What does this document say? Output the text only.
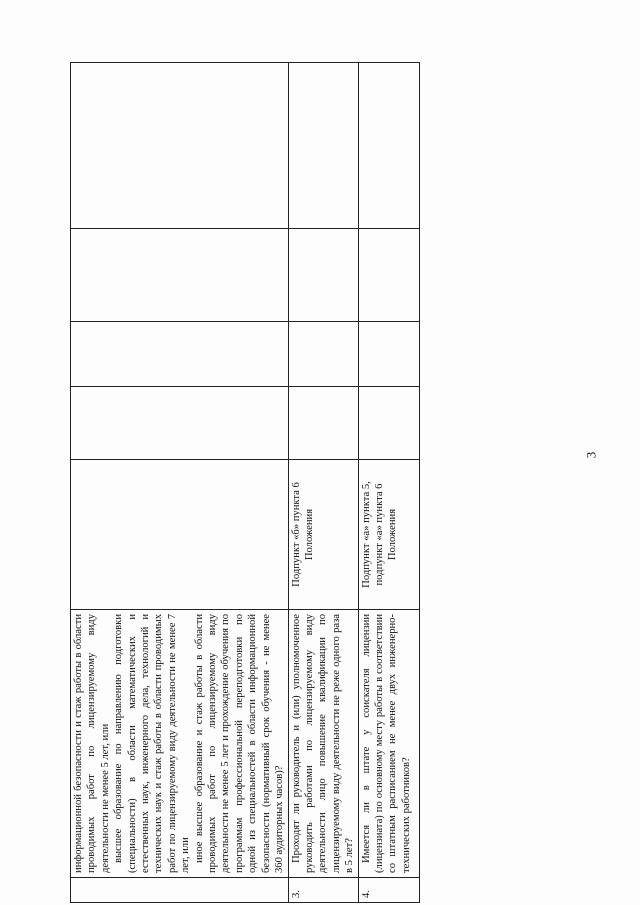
3

	информационной безопасности и стаж работы в области проводимых работ по лицензируемому виду деятельности не менее 5 лет, или высшее образование по направлению подготовки (специальности) в области математических и естественных наук, инженерного дела, технологий и технических наук и стаж работы в области проводимых работ по лицензируемому виду деятельности не менее 7 лет, или иное высшее образование и стаж работы в области проводимых работ по лицензируемому виду деятельности не менее 5 лет и прохождение обучения по программам профессиональной переподготовки по одной из специальностей в области информационной безопасности (нормативный срок обучения - не менее 360 аудиторных часов)?					

3.	Проходят ли руководитель и (или) уполномоченное руководить работами по лицензируемому виду деятельности лицо повышение квалификации по лицензируемому виду деятельности не реже одного раза в 5 лет?	Подпункт «б» пункта 6 Положения				
4.	Имеется ли в штате у соискателя лицензии (лицензиата) по основному месту работы в соответствии со штатным расписанием не менее двух инженерно-технических работников?	Подпункт «а» пункта 5, подпункт «а» пункта 6 Положения				
